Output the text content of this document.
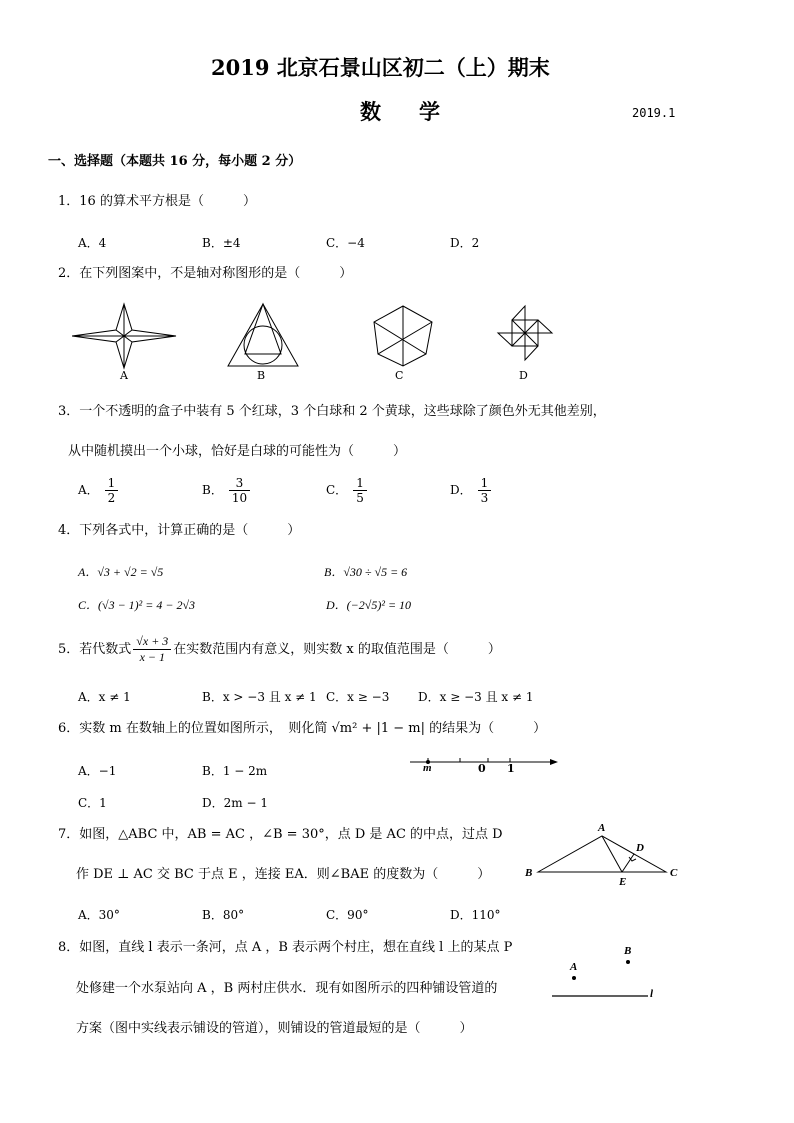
2019 北京石景山区初二（上）期末
数学	2019.1
一、选择题（本题共 16 分，每小题 2 分）
1．16 的算术平方根是（　　　）
A．4	B．±4	C．−4	D．2
2．在下列图案中，不是轴对称图形的是（　　　）
A	B	C	D
3．一个不透明的盒子中装有 5 个红球，3 个白球和 2 个黄球，这些球除了颜色外无其他差别，
从中随机摸出一个小球，恰好是白球的可能性为（　　　）
A． $\frac{1}{2}$	B． $\frac{3}{10}$	C． $\frac{1}{5}$	D． $\frac{1}{3}$
4．下列各式中，计算正确的是（　　　）
A．√3 + √2 = √5	B．√30 ÷ √5 = 6
C．(√3 − 1)² = 4 − 2√3	D．(−2√5)² = 10
5．若代数式 $\frac{√x + 3}{x - 1}$ 在实数范围内有意义，则实数 x 的取值范围是（　　　）
A．x ≠ 1	B．x > −3 且 x ≠ 1 C．x ≥ −3 D．x ≥ −3 且 x ≠ 1
6．实数 m 在数轴上的位置如图所示，　则化简 √m² + |1 − m| 的结果为（　　　）
A．−1	B．1 − 2m
C．1	D．2m − 1
m	0 1
7．如图，△ABC 中，AB = AC ，∠B = 30°，点 D 是 AC 的中点，过点 D
作 DE ⊥ AC 交 BC 于点 E ，连接 EA．则∠BAE 的度数为（　　　）
A．30°	B．80°	C．90°	D．110°
A
B	C
D
E
8．如图，直线 l 表示一条河，点 A ，B 表示两个村庄，想在直线 l 上的某点 P
处修建一个水泵站向 A ，B 两村庄供水．现有如图所示的四种铺设管道的
方案（图中实线表示铺设的管道），则铺设的管道最短的是（　　　）
A
B
l
